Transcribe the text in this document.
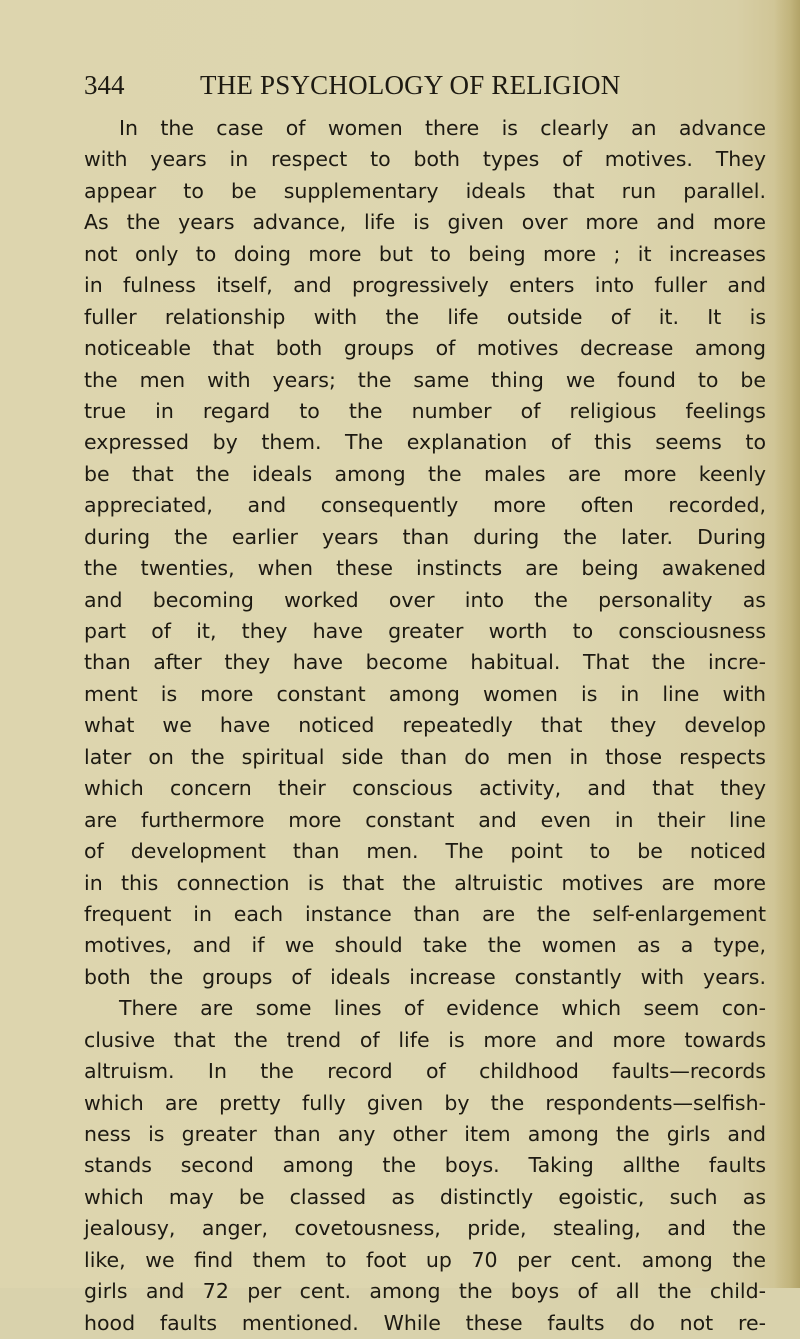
344	THE PSYCHOLOGY OF RELIGION
In the case of women there is clearly an advance
with years in respect to both types of motives. They
appear to be supplementary ideals that run parallel.
As the years advance, life is given over more and more
not only to doing more but to being more ; it increases
in fulness itself, and progressively enters into fuller and
fuller relationship with the life outside of it. It is
noticeable that both groups of motives decrease among
the men with years; the same thing we found to be
true in regard to the number of religious feelings
expressed by them. The explanation of this seems to
be that the ideals among the males are more keenly
appreciated, and consequently more often recorded,
during the earlier years than during the later. During
the twenties, when these instincts are being awakened
and becoming worked over into the personality as
part of it, they have greater worth to consciousness
than after they have become habitual. That the incre-
ment is more constant among women is in line with
what we have noticed repeatedly that they develop
later on the spiritual side than do men in those respects
which concern their conscious activity, and that they
are furthermore more constant and even in their line
of development than men. The point to be noticed
in this connection is that the altruistic motives are more
frequent in each instance than are the self-enlargement
motives, and if we should take the women as a type,
both the groups of ideals increase constantly with years.
There are some lines of evidence which seem con-
clusive that the trend of life is more and more towards
altruism. In the record of childhood faults—records
which are pretty fully given by the respondents—selfish-
ness is greater than any other item among the girls and
stands second among the boys. Taking allthe faults
which may be classed as distinctly egoistic, such as
jealousy, anger, covetousness, pride, stealing, and the
like, we find them to foot up 70 per cent. among the
girls and 72 per cent. among the boys of all the child-
hood faults mentioned. While these faults do not re-
